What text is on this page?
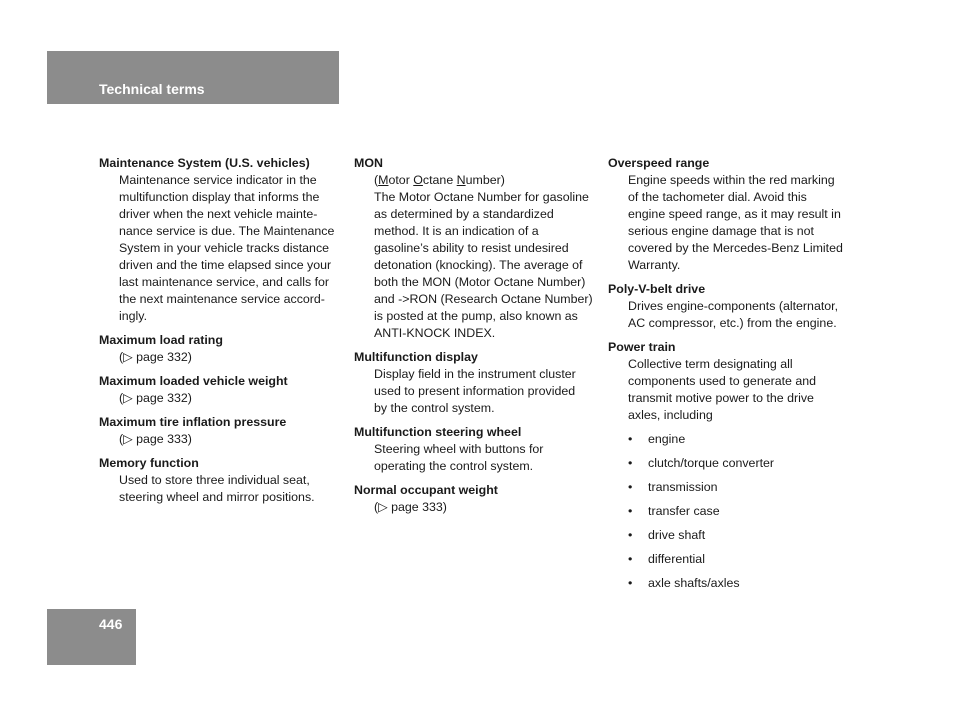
Technical terms
Maintenance System (U.S. vehicles)
Maintenance service indicator in the
multifunction display that informs the
driver when the next vehicle mainte-
nance service is due. The Maintenance
System in your vehicle tracks distance
driven and the time elapsed since your
last maintenance service, and calls for
the next maintenance service accord-
ingly.
Maximum load rating
(▷ page 332)
Maximum loaded vehicle weight
(▷ page 332)
Maximum tire inflation pressure
(▷ page 333)
Memory function
Used to store three individual seat,
steering wheel and mirror positions.
MON
(Motor Octane Number)
The Motor Octane Number for gasoline
as determined by a standardized
method. It is an indication of a
gasoline’s ability to resist undesired
detonation (knocking). The average of
both the MON (Motor Octane Number)
and ->RON (Research Octane Number)
is posted at the pump, also known as
ANTI-KNOCK INDEX.
Multifunction display
Display field in the instrument cluster
used to present information provided
by the control system.
Multifunction steering wheel
Steering wheel with buttons for
operating the control system.
Normal occupant weight
(▷ page 333)
Overspeed range
Engine speeds within the red marking
of the tachometer dial. Avoid this
engine speed range, as it may result in
serious engine damage that is not
covered by the Mercedes-Benz Limited
Warranty.
Poly-V-belt drive
Drives engine-components (alternator,
AC compressor, etc.) from the engine.
Power train
Collective term designating all
components used to generate and
transmit motive power to the drive
axles, including
• engine
• clutch/torque converter
• transmission
• transfer case
• drive shaft
• differential
• axle shafts/axles
446
